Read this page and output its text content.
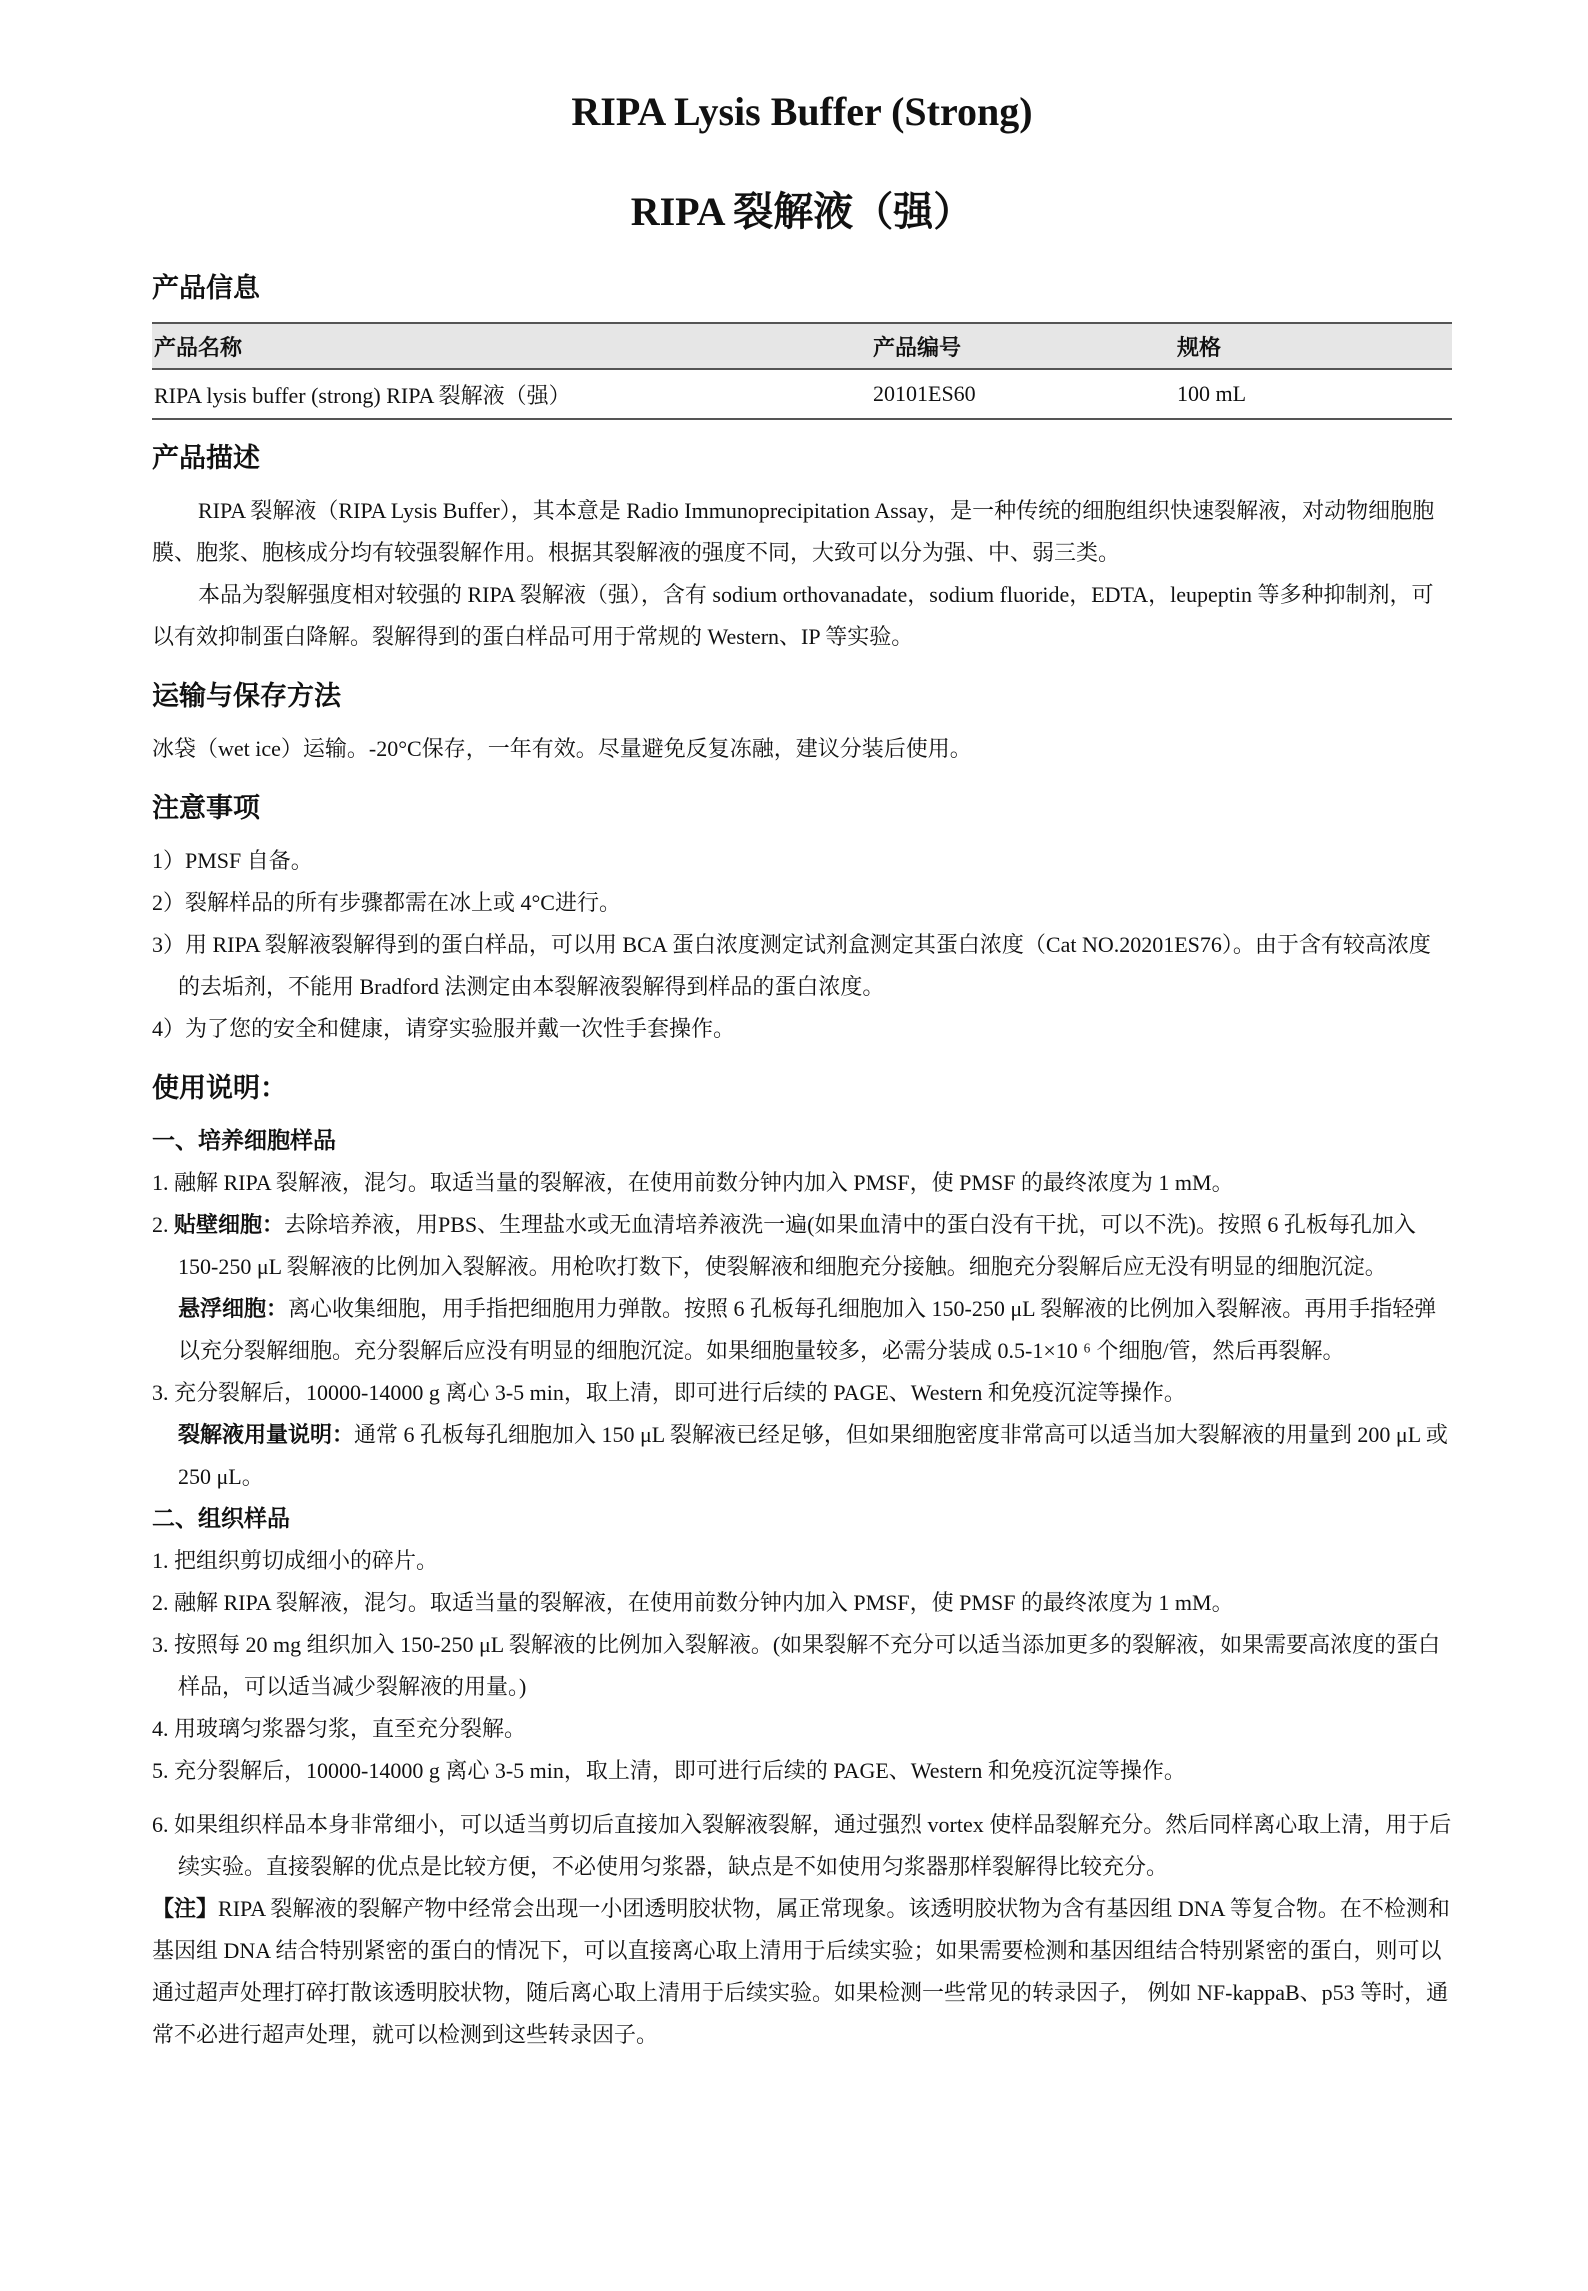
RIPA Lysis Buffer (Strong)
RIPA 裂解液（强）
产品信息
产品名称	产品编号	规格
RIPA lysis buffer (strong) RIPA 裂解液（强）	20101ES60	100 mL
产品描述

RIPA 裂解液（RIPA Lysis Buffer），其本意是 Radio Immunoprecipitation Assay，是一种传统的细胞组织快速裂解液，对动物细胞胞膜、胞浆、胞核成分均有较强裂解作用。根据其裂解液的强度不同，大致可以分为强、中、弱三类。

本品为裂解强度相对较强的 RIPA 裂解液（强），含有 sodium orthovanadate，sodium fluoride，EDTA，leupeptin 等多种抑制剂，可以有效抑制蛋白降解。裂解得到的蛋白样品可用于常规的 Western、IP 等实验。

运输与保存方法

冰袋（wet ice）运输。-20°C保存，一年有效。尽量避免反复冻融，建议分装后使用。

注意事项

1）PMSF 自备。

2）裂解样品的所有步骤都需在冰上或 4°C进行。

3）用 RIPA 裂解液裂解得到的蛋白样品，可以用 BCA 蛋白浓度测定试剂盒测定其蛋白浓度（Cat NO.20201ES76）。由于含有较高浓度的去垢剂，不能用 Bradford 法测定由本裂解液裂解得到样品的蛋白浓度。

4）为了您的安全和健康，请穿实验服并戴一次性手套操作。

使用说明：

一、培养细胞样品

1. 融解 RIPA 裂解液，混匀。取适当量的裂解液，在使用前数分钟内加入 PMSF，使 PMSF 的最终浓度为 1 mM。

2. 贴壁细胞：去除培养液，用PBS、生理盐水或无血清培养液洗一遍(如果血清中的蛋白没有干扰，可以不洗)。按照 6 孔板每孔加入 150-250 μL 裂解液的比例加入裂解液。用枪吹打数下，使裂解液和细胞充分接触。细胞充分裂解后应无没有明显的细胞沉淀。

悬浮细胞：离心收集细胞，用手指把细胞用力弹散。按照 6 孔板每孔细胞加入 150-250 μL 裂解液的比例加入裂解液。再用手指轻弹以充分裂解细胞。充分裂解后应没有明显的细胞沉淀。如果细胞量较多，必需分装成 0.5-1×10 ⁶ 个细胞/管，然后再裂解。

3. 充分裂解后，10000-14000 g 离心 3-5 min，取上清，即可进行后续的 PAGE、Western 和免疫沉淀等操作。

裂解液用量说明：通常 6 孔板每孔细胞加入 150 μL 裂解液已经足够，但如果细胞密度非常高可以适当加大裂解液的用量到 200 μL 或 250 μL。

二、组织样品

1. 把组织剪切成细小的碎片。

2. 融解 RIPA 裂解液，混匀。取适当量的裂解液，在使用前数分钟内加入 PMSF，使 PMSF 的最终浓度为 1 mM。

3. 按照每 20 mg 组织加入 150-250 μL 裂解液的比例加入裂解液。(如果裂解不充分可以适当添加更多的裂解液，如果需要高浓度的蛋白样品，可以适当减少裂解液的用量。)

4. 用玻璃匀浆器匀浆，直至充分裂解。

5. 充分裂解后，10000-14000 g 离心 3-5 min，取上清，即可进行后续的 PAGE、Western 和免疫沉淀等操作。

6. 如果组织样品本身非常细小，可以适当剪切后直接加入裂解液裂解，通过强烈 vortex 使样品裂解充分。然后同样离心取上清，用于后续实验。直接裂解的优点是比较方便，不必使用匀浆器，缺点是不如使用匀浆器那样裂解得比较充分。

【注】RIPA 裂解液的裂解产物中经常会出现一小团透明胶状物，属正常现象。该透明胶状物为含有基因组 DNA 等复合物。在不检测和基因组 DNA 结合特别紧密的蛋白的情况下，可以直接离心取上清用于后续实验；如果需要检测和基因组结合特别紧密的蛋白，则可以通过超声处理打碎打散该透明胶状物，随后离心取上清用于后续实验。如果检测一些常见的转录因子， 例如 NF-kappaB、p53 等时，通常不必进行超声处理，就可以检测到这些转录因子。
